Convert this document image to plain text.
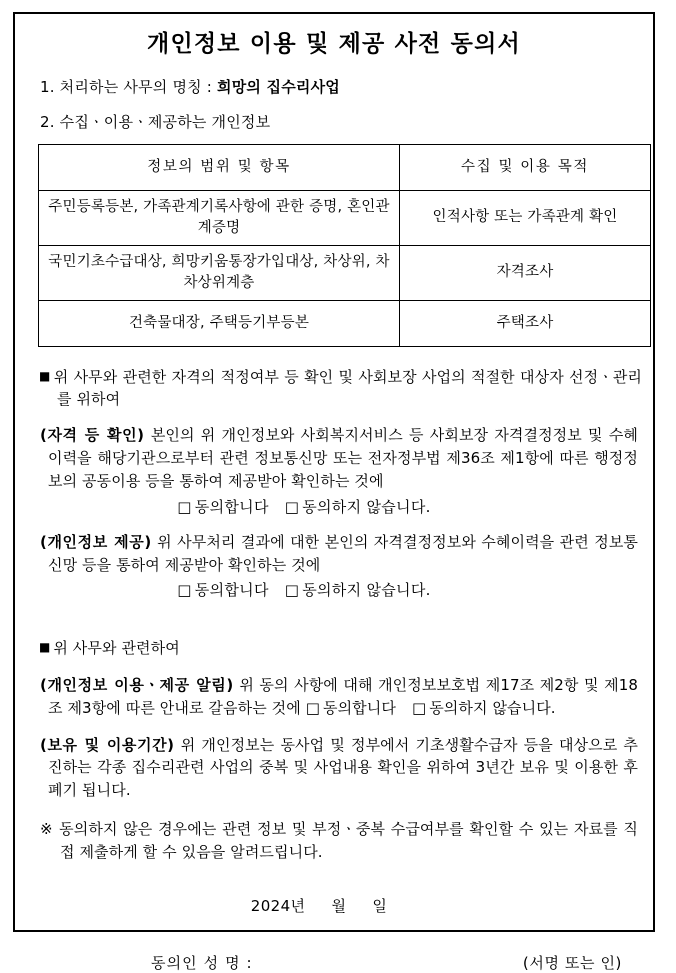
개인정보 이용 및 제공 사전 동의서
1. 처리하는 사무의 명칭 : 희망의 집수리사업
2. 수집ㆍ이용ㆍ제공하는 개인정보
정보의 범위 및 항목	수집 및 이용 목적
주민등록등본, 가족관계기록사항에 관한 증명, 혼인관계증명	인적사항 또는 가족관계 확인
국민기초수급대상, 희망키움통장가입대상, 차상위, 차차상위계층	자격조사
건축물대장, 주택등기부등본	주택조사
■위 사무와 관련한 자격의 적정여부 등 확인 및 사회보장 사업의 적절한 대상자 선정ㆍ관리를 위하여
(자격 등 확인) 본인의 위 개인정보와 사회복지서비스 등 사회보장 자격결정정보 및 수혜이력을 해당기관으로부터 관련 정보통신망 또는 전자정부법 제36조 제1항에 따른 행정정보의 공동이용 등을 통하여 제공받아 확인하는 것에
□ 동의합니다 □ 동의하지 않습니다.
(개인정보 제공) 위 사무처리 결과에 대한 본인의 자격결정정보와 수혜이력을 관련 정보통신망 등을 통하여 제공받아 확인하는 것에
□ 동의합니다 □ 동의하지 않습니다.
■위 사무와 관련하여
(개인정보 이용ㆍ제공 알림) 위 동의 사항에 대해 개인정보보호법 제17조 제2항 및 제18조 제3항에 따른 안내로 갈음하는 것에 □ 동의합니다 □ 동의하지 않습니다.
(보유 및 이용기간) 위 개인정보는 동사업 및 정부에서 기초생활수급자 등을 대상으로 추진하는 각종 집수리관련 사업의 중복 및 사업내용 확인을 위하여 3년간 보유 및 이용한 후 폐기 됩니다.
※ 동의하지 않은 경우에는 관련 정보 및 부정ㆍ중복 수급여부를 확인할 수 있는 자료를 직접 제출하게 할 수 있음을 알려드립니다.
2024년 월 일
동의인 성 명 :	(서명 또는 인)
